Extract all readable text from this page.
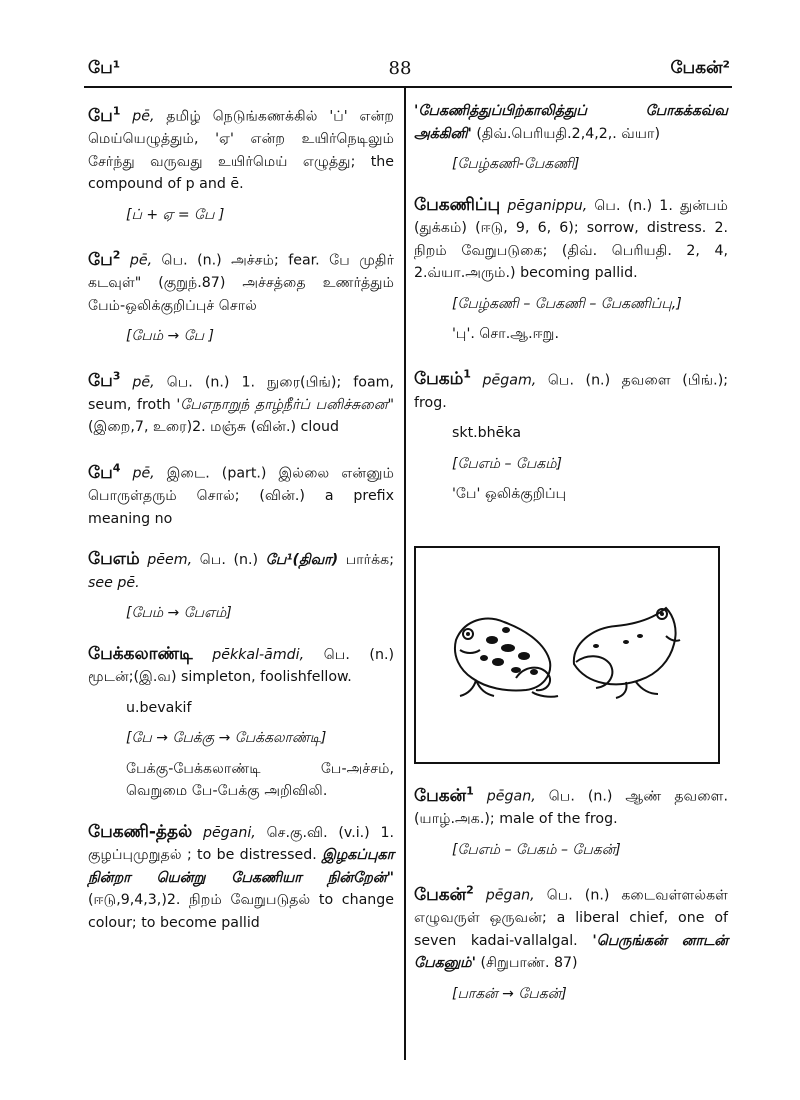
பே¹	88	பேகன்²

பே$^1$ pē, தமிழ் நெடுங்கணக்கில் 'ப்' என்ற மெய்யெழுத்தும், 'ஏ' என்ற உயிர்நெடிலும் சேர்ந்து வருவது உயிர்மெய் எழுத்து; the compound of p and ē.

[ப் + ஏ = பே ]

பே$^2$ pē, பெ. (n.) அச்சம்; fear. பே முதிர் கடவுள்" (குறுந்.87) அச்சத்தை உணர்த்தும் பேம்-ஒலிக்குறிப்புச் சொல்

[பேம் → பே ]

பே$^3$ pē, பெ. (n.) 1. நுரை(பிங்); foam, seum, froth 'பேஎநாறுந் தாழ்நீர்ப் பனிச்சுனை" (இறை,7, உரை)2. மஞ்சு (வின்.) cloud

பே$^4$ pē, இடை. (part.) இல்லை என்னும் பொருள்தரும் சொல்; (வின்.) a prefix meaning no

பேஎம் pēem, பெ. (n.) பே¹(திவா) பார்க்க; see pē.

[பேம் → பேஎம்]

பேக்கலாண்டி pēkkal-āmdi, பெ. (n.) மூடன்;(இ.வ) simpleton, foolishfellow.

u.bevakif
[பே → பேக்கு → பேக்கலாண்டி]
பேக்கு-பேக்கலாண்டி பே-அச்சம், வெறுமை பே-பேக்கு அறிவிலி.

பேகணி-த்தல் pēgani, செ.கு.வி. (v.i.) 1. குழப்புமுறுதல் ; to be distressed. இழகப்புகா நின்றா யென்று பேகணியா நின்றேன்" (ஈடு,9,4,3,)2. நிறம் வேறுபடுதல் to change colour; to become pallid

'பேகணித்துப்பிற்காலித்துப் போகக்கவ்வ அக்கினி' (திவ்.பெரியதி.2,4,2,. வ்யா)

[பேழ்கணி-பேகணி]

பேகணிப்பு pēganippu, பெ. (n.) 1. துன்பம் (துக்கம்) (ஈடு, 9, 6, 6); sorrow, distress. 2. நிறம் வேறுபடுகை; (திவ். பெரியதி. 2, 4, 2.வ்யா.அரும்.) becoming pallid.

[பேழ்கணி – பேகணி – பேகணிப்பு,]
'பு'. சொ.ஆ.ஈறு.

பேகம்$^1$ pēgam, பெ. (n.) தவளை (பிங்.); frog.

skt.bhēka
[பேஎம் – பேகம்]
'பே' ஒலிக்குறிப்பு

பேகன்$^1$ pēgan, பெ. (n.) ஆண் தவளை. (யாழ்.அக.); male of the frog.

[பேஎம் – பேகம் – பேகன்]

பேகன்$^2$ pēgan, பெ. (n.) கடைவள்ளல்கள் எழுவருள் ஒருவன்; a liberal chief, one of seven kadai-vallalgal. 'பெருங்கன் னாடன் பேகனும்' (சிறுபாண். 87)

[பாகன் → பேகன்]
